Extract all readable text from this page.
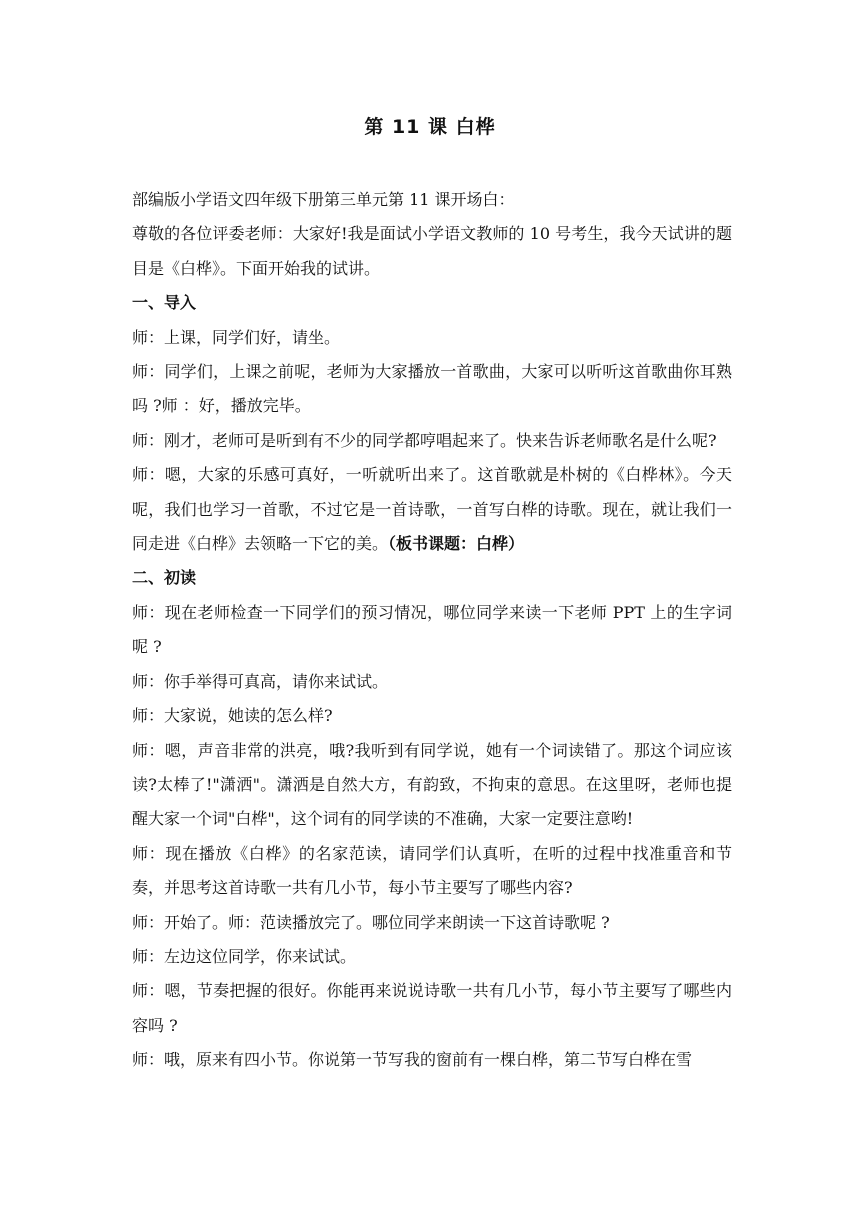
第 11 课 白桦

部编版小学语文四年级下册第三单元第 11 课开场白：

尊敬的各位评委老师：大家好!我是面试小学语文教师的 10 号考生，我今天试讲的题目是《白桦》。下面开始我的试讲。

一、导入

师：上课，同学们好，请坐。

师：同学们，上课之前呢，老师为大家播放一首歌曲，大家可以听听这首歌曲你耳熟吗 ?师 ：好，播放完毕。

师：刚才，老师可是听到有不少的同学都哼唱起来了。快来告诉老师歌名是什么呢?

师：嗯，大家的乐感可真好，一听就听出来了。这首歌就是朴树的《白桦林》。今天呢，我们也学习一首歌，不过它是一首诗歌，一首写白桦的诗歌。现在，就让我们一同走进《白桦》去领略一下它的美。（板书课题：白桦）

二、初读

师：现在老师检查一下同学们的预习情况，哪位同学来读一下老师 PPT 上的生字词呢 ?

师：你手举得可真高，请你来试试。

师：大家说，她读的怎么样?

师：嗯，声音非常的洪亮，哦?我听到有同学说，她有一个词读错了。那这个词应该读?太棒了!"潇洒"。潇洒是自然大方，有韵致，不拘束的意思。在这里呀，老师也提醒大家一个词"白桦"，这个词有的同学读的不准确，大家一定要注意哟!

师：现在播放《白桦》的名家范读，请同学们认真听，在听的过程中找准重音和节奏，并思考这首诗歌一共有几小节，每小节主要写了哪些内容?

师：开始了。师：范读播放完了。哪位同学来朗读一下这首诗歌呢 ?

师：左边这位同学，你来试试。

师：嗯，节奏把握的很好。你能再来说说诗歌一共有几小节，每小节主要写了哪些内容吗 ?

师：哦，原来有四小节。你说第一节写我的窗前有一棵白桦，第二节写白桦在雪
